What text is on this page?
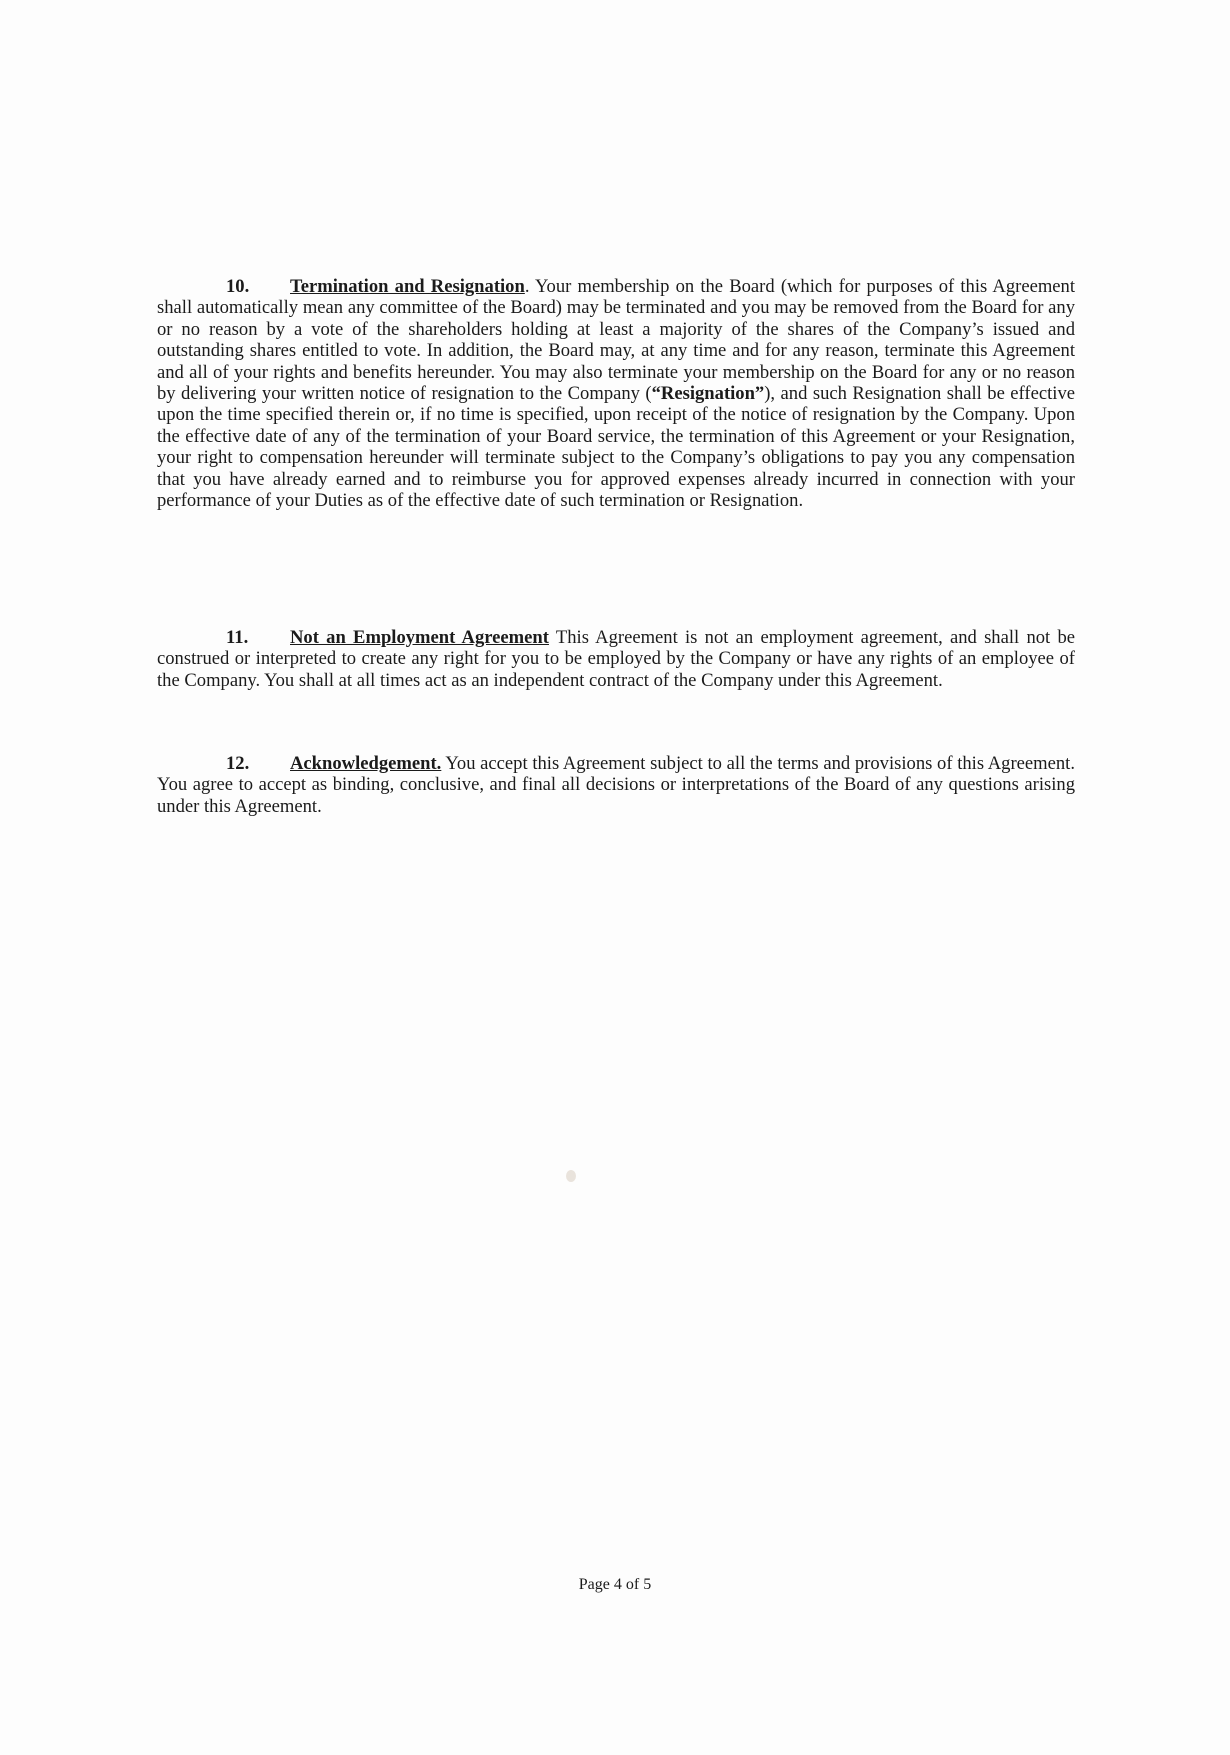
10. Termination and Resignation. Your membership on the Board (which for purposes of this Agreement shall automatically mean any committee of the Board) may be terminated and you may be removed from the Board for any or no reason by a vote of the shareholders holding at least a majority of the shares of the Company’s issued and outstanding shares entitled to vote. In addition, the Board may, at any time and for any reason, terminate this Agreement and all of your rights and benefits hereunder. You may also terminate your membership on the Board for any or no reason by delivering your written notice of resignation to the Company (“Resignation”), and such Resignation shall be effective upon the time specified therein or, if no time is specified, upon receipt of the notice of resignation by the Company. Upon the effective date of any of the termination of your Board service, the termination of this Agreement or your Resignation, your right to compensation hereunder will terminate subject to the Company’s obligations to pay you any compensation that you have already earned and to reimburse you for approved expenses already incurred in connection with your performance of your Duties as of the effective date of such termination or Resignation.

11. Not an Employment Agreement This Agreement is not an employment agreement, and shall not be construed or interpreted to create any right for you to be employed by the Company or have any rights of an employee of the Company. You shall at all times act as an independent contract of the Company under this Agreement.

12. Acknowledgement. You accept this Agreement subject to all the terms and provisions of this Agreement. You agree to accept as binding, conclusive, and final all decisions or interpretations of the Board of any questions arising under this Agreement.

Page 4 of 5
